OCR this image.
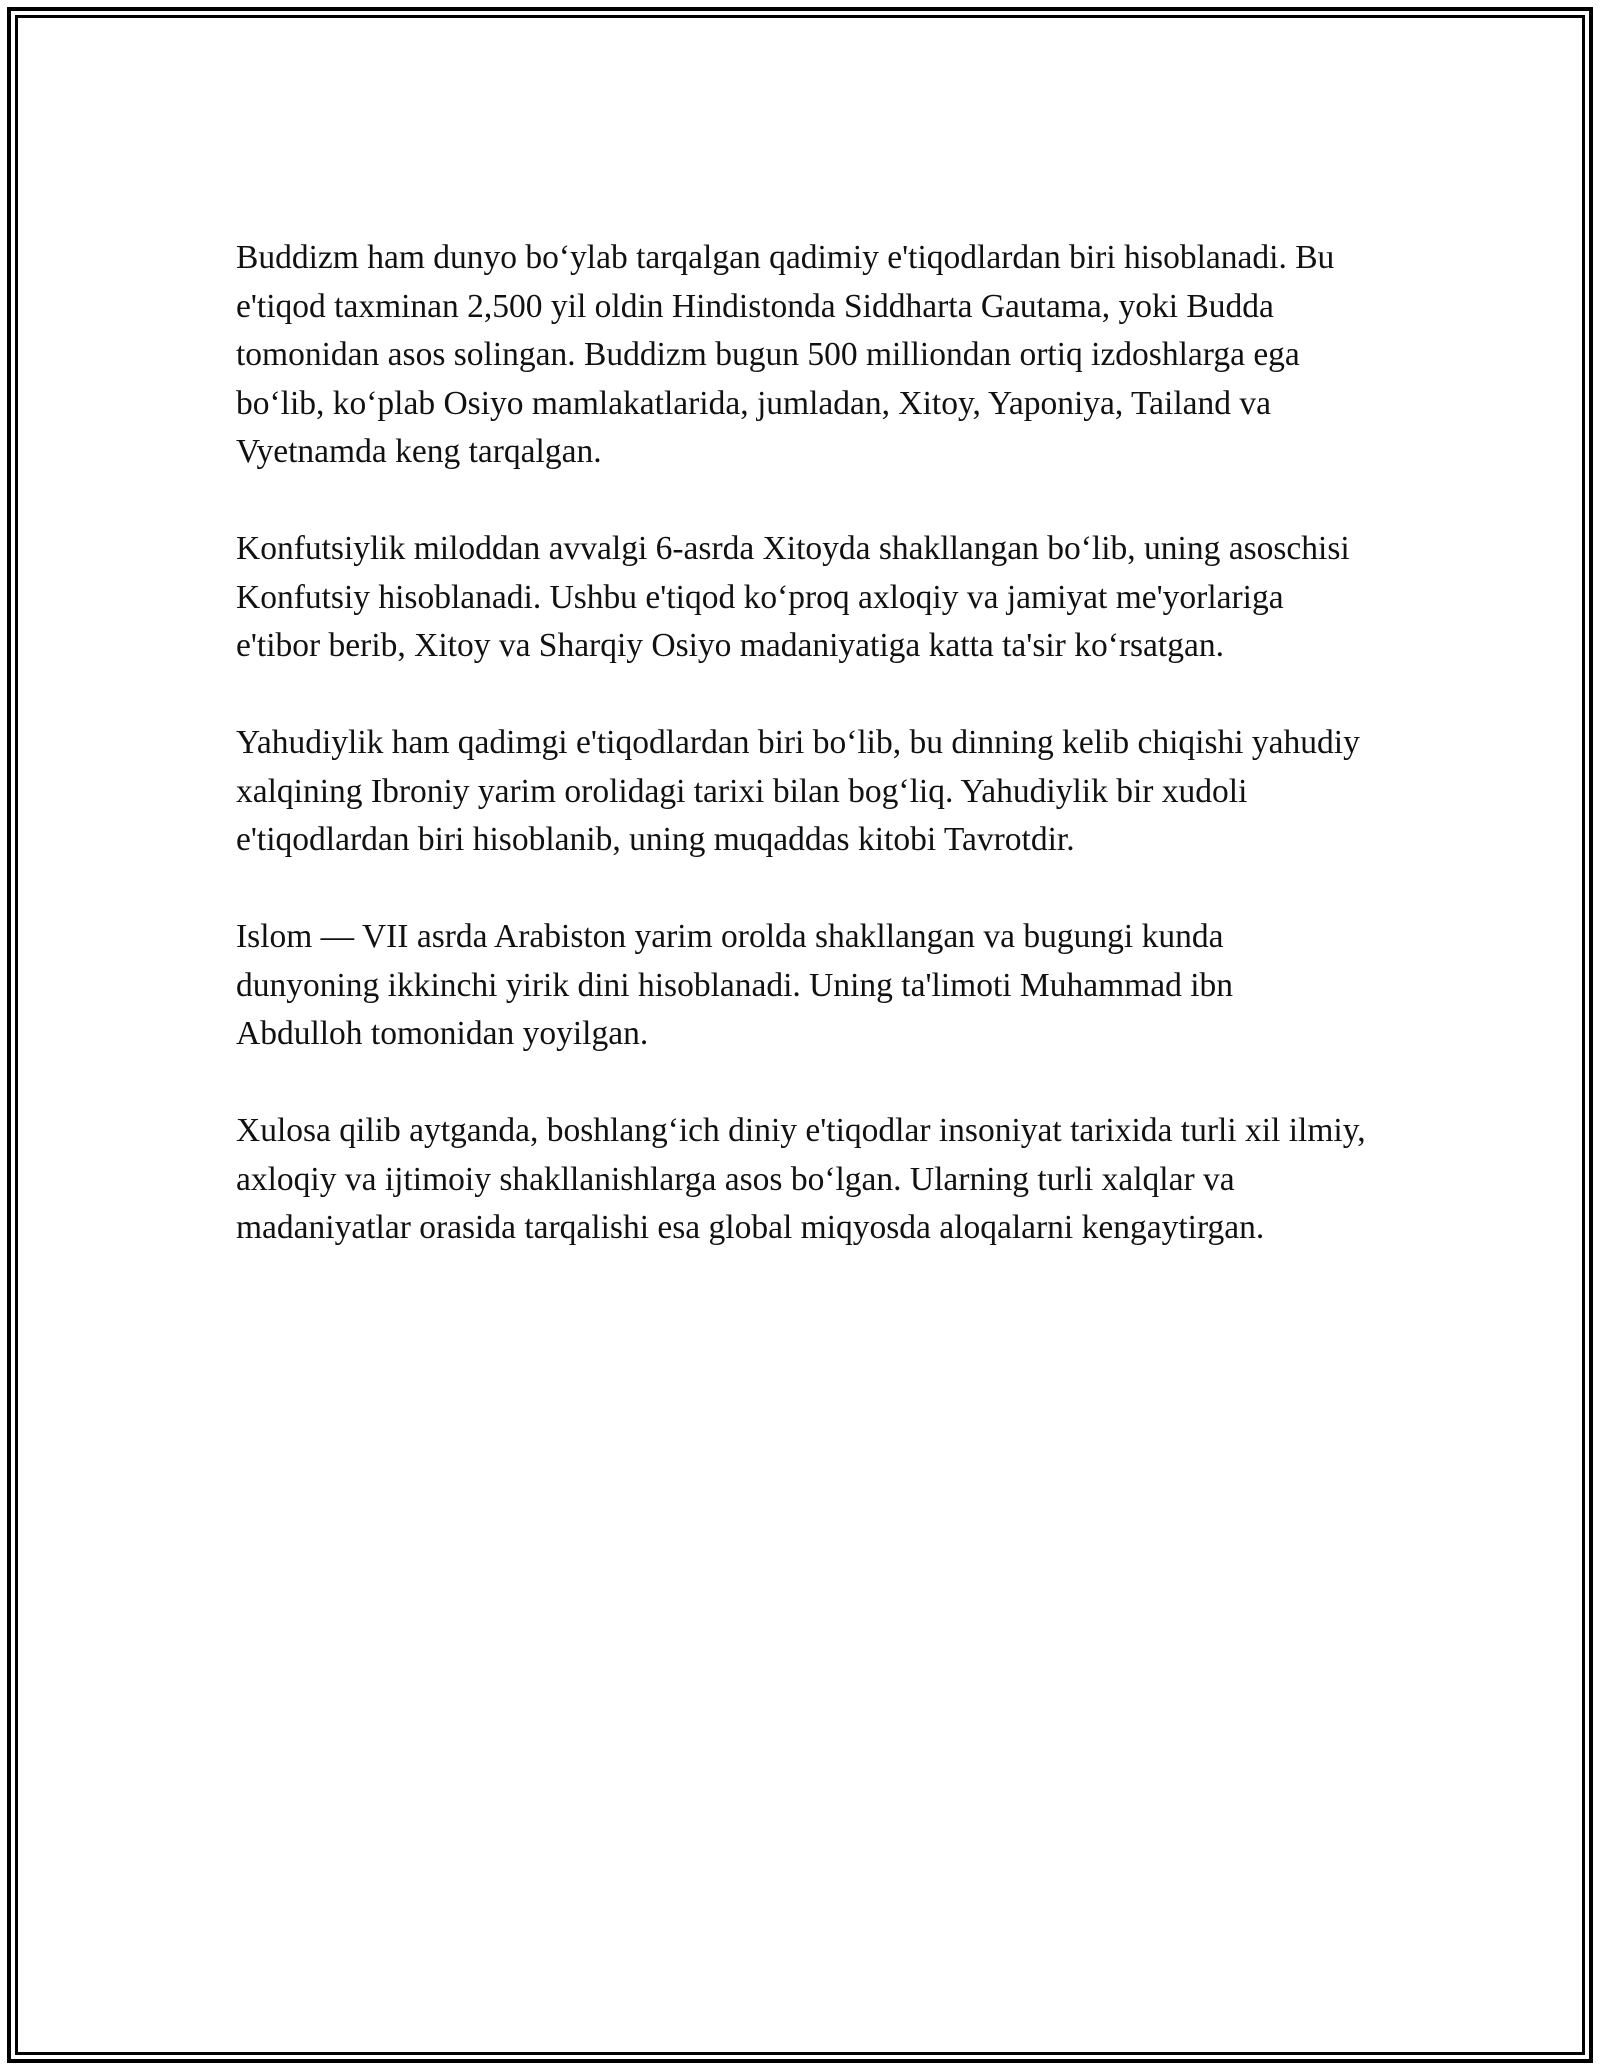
Buddizm ham dunyo boʻylab tarqalgan qadimiy e'tiqodlardan biri hisoblanadi. Bu e'tiqod taxminan 2,500 yil oldin Hindistonda Siddharta Gautama, yoki Budda tomonidan asos solingan. Buddizm bugun 500 milliondan ortiq izdoshlarga ega boʻlib, koʻplab Osiyo mamlakatlarida, jumladan, Xitoy, Yaponiya, Tailand va Vyetnamda keng tarqalgan.

Konfutsiylik miloddan avvalgi 6-asrda Xitoyda shakllangan boʻlib, uning asoschisi Konfutsiy hisoblanadi. Ushbu e'tiqod koʻproq axloqiy va jamiyat me'yorlariga e'tibor berib, Xitoy va Sharqiy Osiyo madaniyatiga katta ta'sir koʻrsatgan.

Yahudiylik ham qadimgi e'tiqodlardan biri boʻlib, bu dinning kelib chiqishi yahudiy xalqining Ibroniy yarim orolidagi tarixi bilan bogʻliq. Yahudiylik bir xudoli e'tiqodlardan biri hisoblanib, uning muqaddas kitobi Tavrotdir.

Islom — VII asrda Arabiston yarim orolda shakllangan va bugungi kunda dunyoning ikkinchi yirik dini hisoblanadi. Uning ta'limoti Muhammad ibn Abdulloh tomonidan yoyilgan.

Xulosa qilib aytganda, boshlangʻich diniy e'tiqodlar insoniyat tarixida turli xil ilmiy, axloqiy va ijtimoiy shakllanishlarga asos boʻlgan. Ularning turli xalqlar va madaniyatlar orasida tarqalishi esa global miqyosda aloqalarni kengaytirgan.
